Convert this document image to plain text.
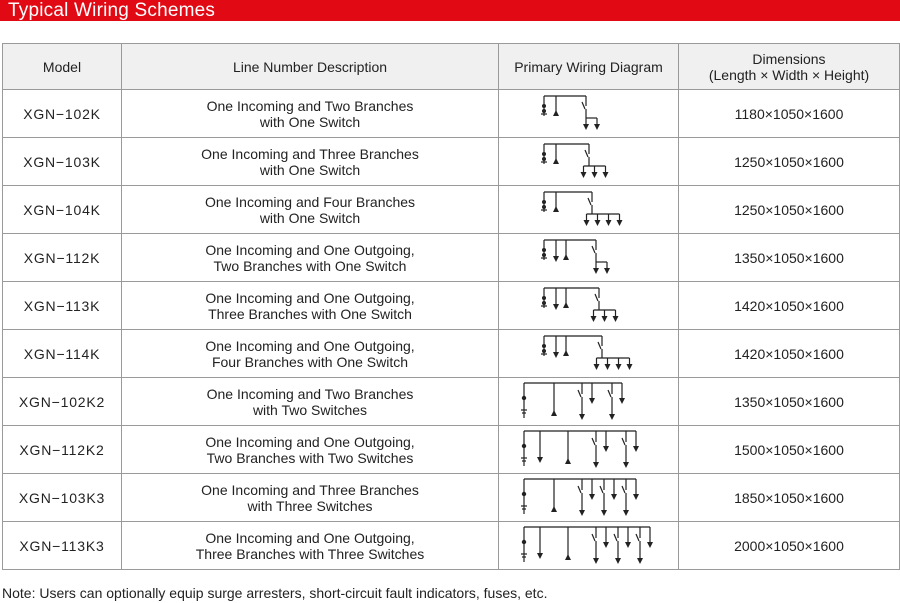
Typical Wiring Schemes
Model	Line Number Description	Primary Wiring Diagram	Dimensions
(Length × Width × Height)

XGN−102K	One Incoming and Two Branches
with One Switch		1180×1050×1600
XGN−103K	One Incoming and Three Branches
with One Switch		1250×1050×1600
XGN−104K	One Incoming and Four Branches
with One Switch		1250×1050×1600
XGN−112K	One Incoming and One Outgoing,
Two Branches with One Switch		1350×1050×1600
XGN−113K	One Incoming and One Outgoing,
Three Branches with One Switch		1420×1050×1600
XGN−114K	One Incoming and One Outgoing,
Four Branches with One Switch		1420×1050×1600
XGN−102K2	One Incoming and Two Branches
with Two Switches		1350×1050×1600
XGN−112K2	One Incoming and One Outgoing,
Two Branches with Two Switches		1500×1050×1600
XGN−103K3	One Incoming and Three Branches
with Three Switches		1850×1050×1600
XGN−113K3	One Incoming and One Outgoing,
Three Branches with Three Switches		2000×1050×1600
Note: Users can optionally equip surge arresters, short-circuit fault indicators, fuses, etc.
